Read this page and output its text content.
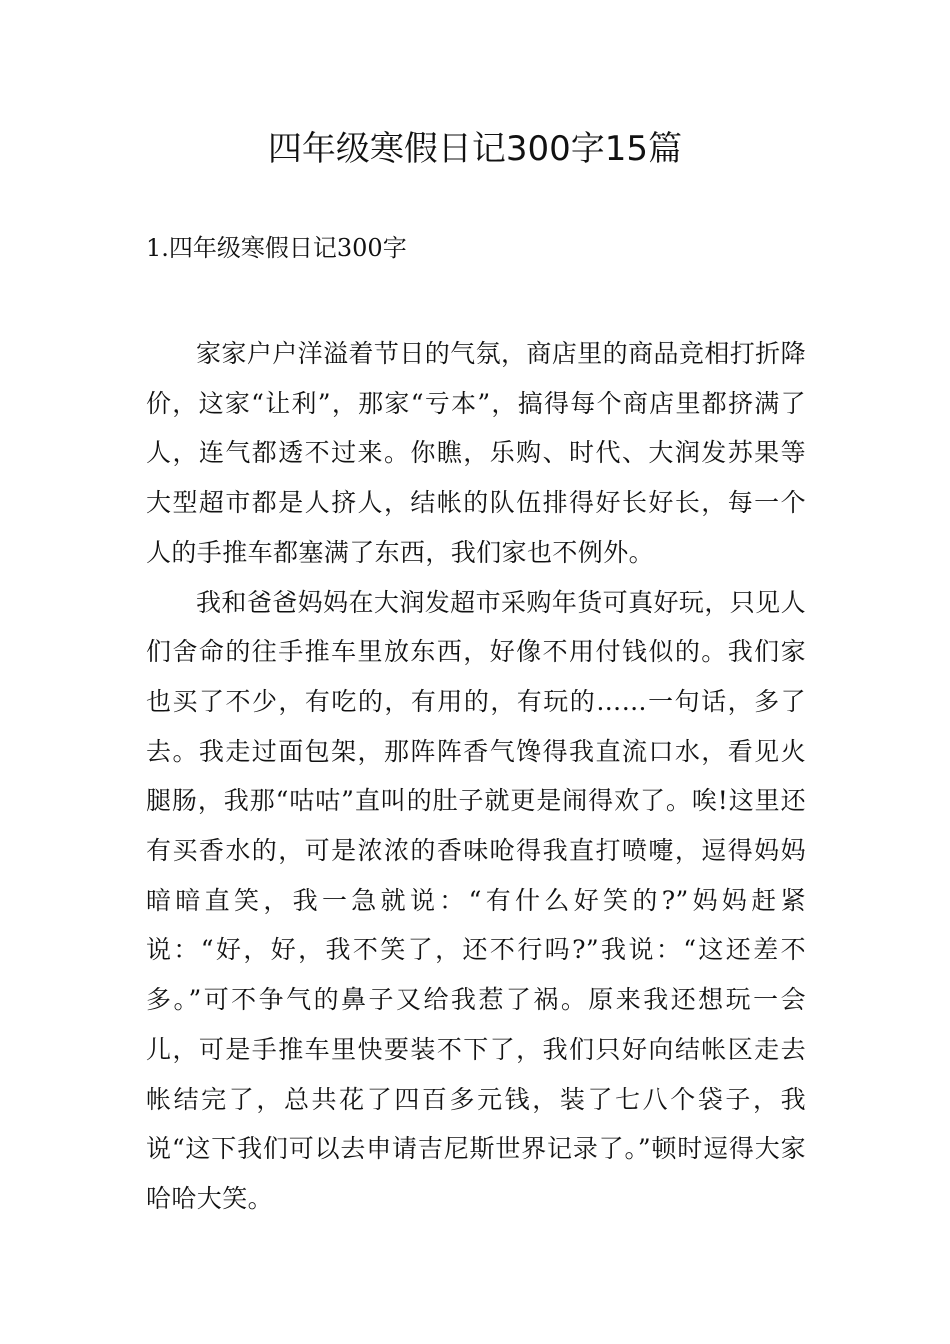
四年级寒假日记300字15篇
1.四年级寒假日记300字

家家户户洋溢着节日的气氛，商店里的商品竞相打折降价，这家“让利”，那家“亏本”，搞得每个商店里都挤满了人，连气都透不过来。你瞧，乐购、时代、大润发苏果等大型超市都是人挤人，结帐的队伍排得好长好长，每一个人的手推车都塞满了东西，我们家也不例外。

我和爸爸妈妈在大润发超市采购年货可真好玩，只见人们舍命的往手推车里放东西，好像不用付钱似的。我们家也买了不少，有吃的，有用的，有玩的……一句话，多了去。我走过面包架，那阵阵香气馋得我直流口水，看见火腿肠，我那“咕咕”直叫的肚子就更是闹得欢了。唉!这里还有买香水的，可是浓浓的香味呛得我直打喷嚏，逗得妈妈暗暗直笑，我一急就说：“有什么好笑的?”妈妈赶紧说：“好，好，我不笑了，还不行吗?”我说：“这还差不多。”可不争气的鼻子又给我惹了祸。原来我还想玩一会儿，可是手推车里快要装不下了，我们只好向结帐区走去帐结完了，总共花了四百多元钱，装了七八个袋子，我说“这下我们可以去申请吉尼斯世界记录了。”顿时逗得大家哈哈大笑。
